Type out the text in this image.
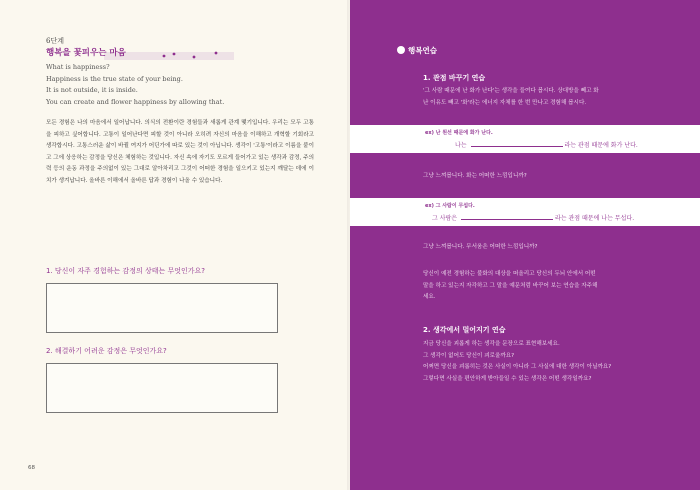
6단계
행복을 꽃피우는 마음
What is happiness?
Happiness is the true state of your being.
It is not outside, it is inside.
You can create and flower happiness by allowing that.
모든 경험은 나의 마음에서 일어납니다. 의식의 전환이란 경험들과 새롭게 관계 맺기입니다. 우리는 모두 고통을 피하고 싶어합니다. 고통이 일어난다면 피할 것이 아니라 오히려 자신의 마음을 이해하고 개혁할 기회라고 생각합시다. 고통스러운 삶이 바뀔 여지가 어딘가에 따로 있는 것이 아닙니다. 생각이 '고통'이라고 이름을 붙이고 그에 상응하는 감정을 당신은 체험하는 것입니다. 자신 속에 자기도 모르게 들어가고 있는 생각과 감정, 주의력 등의 운동 과정을 주의없이 있는 그대로 알아차리고 그것이 어떠한 경험을 일으키고 있는지 깨달는 데에 이치가 생겨납니다. 올바른 이해에서 올바른 답과 경험이 나올 수 있습니다.
1. 당신이 자주 경험하는 감정의 상태는 무엇인가요?
2. 해결하기 어려운 감정은 무엇인가요?
68
행복연습
1. 관점 바꾸기 연습
'그 사람 때문에 난 화가 난다'는 생각을 들여다 봅시다. 상대방을 빼고 화
난 이유도 빼고 '화'라는 에너지 자체를 한 번 만나고 경험해 봅시다.
ex) 난 원선 때문에 화가 난다.
나는	라는 관점 때문에 화가 난다.
그냥 느껴봅니다. 화는 어떠한 느낌입니까?
ex) 그 사람이 무섭다.
그 사람은	라는 관점 때문에 나는 무섭다.
그냥 느껴봅니다. 무서움은 어떠한 느낌입니까?
당신이 예전 경험하는 불화의 대상을 떠올리고 당신의 두뇌 안에서 어떤
말을 하고 있는지 자각하고 그 말을 예문처럼 바꾸어 보는 연습을 자주해
세요.
2. 생각에서 멀어지기 연습
지금 당신을 괴롭게 하는 생각을 문장으로 표현해보세요.
그 생각이 없어도 당신이 괴로울까요?
어쩌면 당신을 괴롭히는 것은 사실이 아니라 그 사실에 대한 생각이 아닐까요?
그렇다면 사실을 편안하게 받아들일 수 있는 생각은 어떤 생각일까요?
